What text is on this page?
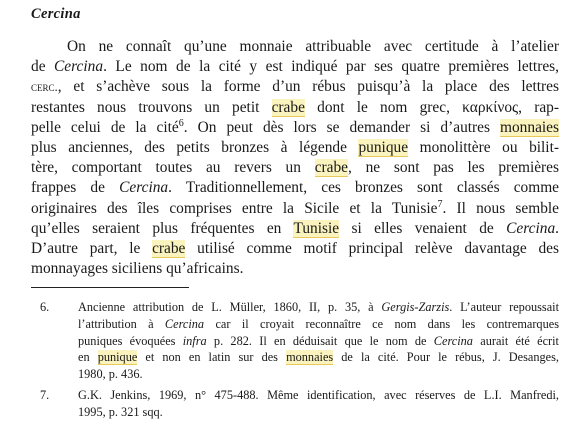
Cercina
On ne connaît qu’une monnaie attribuable avec certitude à l’atelier
de Cercina. Le nom de la cité y est indiqué par ses quatre premières lettres,
cerc., et s’achève sous la forme d’un rébus puisqu’à la place des lettres
restantes nous trouvons un petit crabe dont le nom grec, καρκίνος, rap-
pelle celui de la cité$^6$. On peut dès lors se demander si d’autres monnaies
plus anciennes, des petits bronzes à légende punique monolittère ou bilit-
tère, comportant toutes au revers un crabe, ne sont pas les premières
frappes de Cercina. Traditionnellement, ces bronzes sont classés comme
originaires des îles comprises entre la Sicile et la Tunisie$^7$. Il nous semble
qu’elles seraient plus fréquentes en Tunisie si elles venaient de Cercina.
D’autre part, le crabe utilisé comme motif principal relève davantage des
monnayages siciliens qu’africains.
6. Ancienne attribution de L. Müller, 1860, II, p. 35, à Gergis-Zarzis. L’auteur repoussait
l’attribution à Cercina car il croyait reconnaître ce nom dans les contremarques
puniques évoquées infra p. 282. Il en déduisait que le nom de Cercina aurait été écrit
en punique et non en latin sur des monnaies de la cité. Pour le rébus, J. Desanges,
1980, p. 436.
7. G.K. Jenkins, 1969, n° 475-488. Même identification, avec réserves de L.I. Manfredi,
1995, p. 321 sqq.
